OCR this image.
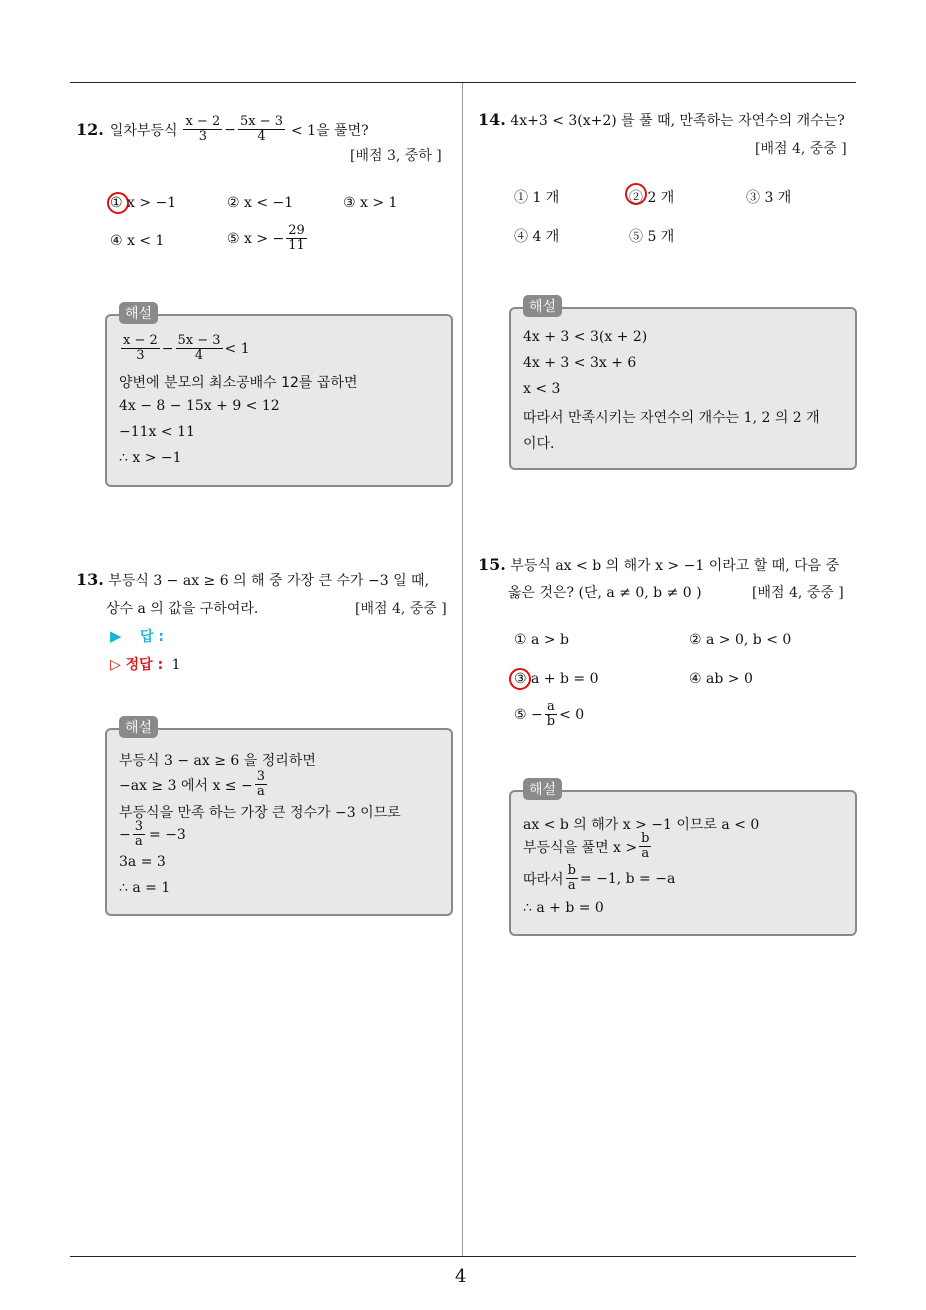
4
12. 일차부등식 $\frac{x - 2}{3} - \frac{5x - 3}{4} < 1$을 풀면?
[배점 3, 중하 ]
① x > −1	② x < −1	③ x > 1
④ x < 1	⑤ x > − $\frac{29}{11}$
$\frac{x - 2}{3} - \frac{5x - 3}{4} < 1$
양변에 분모의 최소공배수 12를 곱하면
4x − 8 − 15x + 9 < 12
−11x < 11
∴ x > −1
해설
13. 부등식 3 − ax ≥ 6 의 해 중 가장 큰 수가 −3 일 때,
상수 a 의 값을 구하여라.	[배점 4, 중중 ]
▶ 답 :
▷ 정답 : 1
부등식 3 − ax ≥ 6 을 정리하면
−ax ≥ 3 에서 x ≤ − $\frac{3}{a}$
부등식을 만족 하는 가장 큰 정수가 −3 이므로
− $\frac{3}{a} = -3$
3a = 3
∴ a = 1
해설
14. 4x+3 < 3(x+2) 를 풀 때, 만족하는 자연수의 개수는?
[배점 4, 중중 ]
① 1 개	② 2 개	③ 3 개
④ 4 개	⑤ 5 개
4x + 3 < 3(x + 2)
4x + 3 < 3x + 6
x < 3
따라서 만족시키는 자연수의 개수는 1, 2 의 2 개
이다.
해설
15. 부등식 ax < b 의 해가 x > −1 이라고 할 때, 다음 중
옳은 것은? (단, a ≠ 0, b ≠ 0 )	[배점 4, 중중 ]
① a > b	② a > 0, b < 0
③ a + b = 0	④ ab > 0
⑤ − $\frac{a}{b} < 0$
ax < b 의 해가 x > −1 이므로 a < 0
부등식을 풀면 $x > \frac{b}{a}$
따라서 $\frac{b}{a} = -1$, b = −a
∴ a + b = 0
해설
